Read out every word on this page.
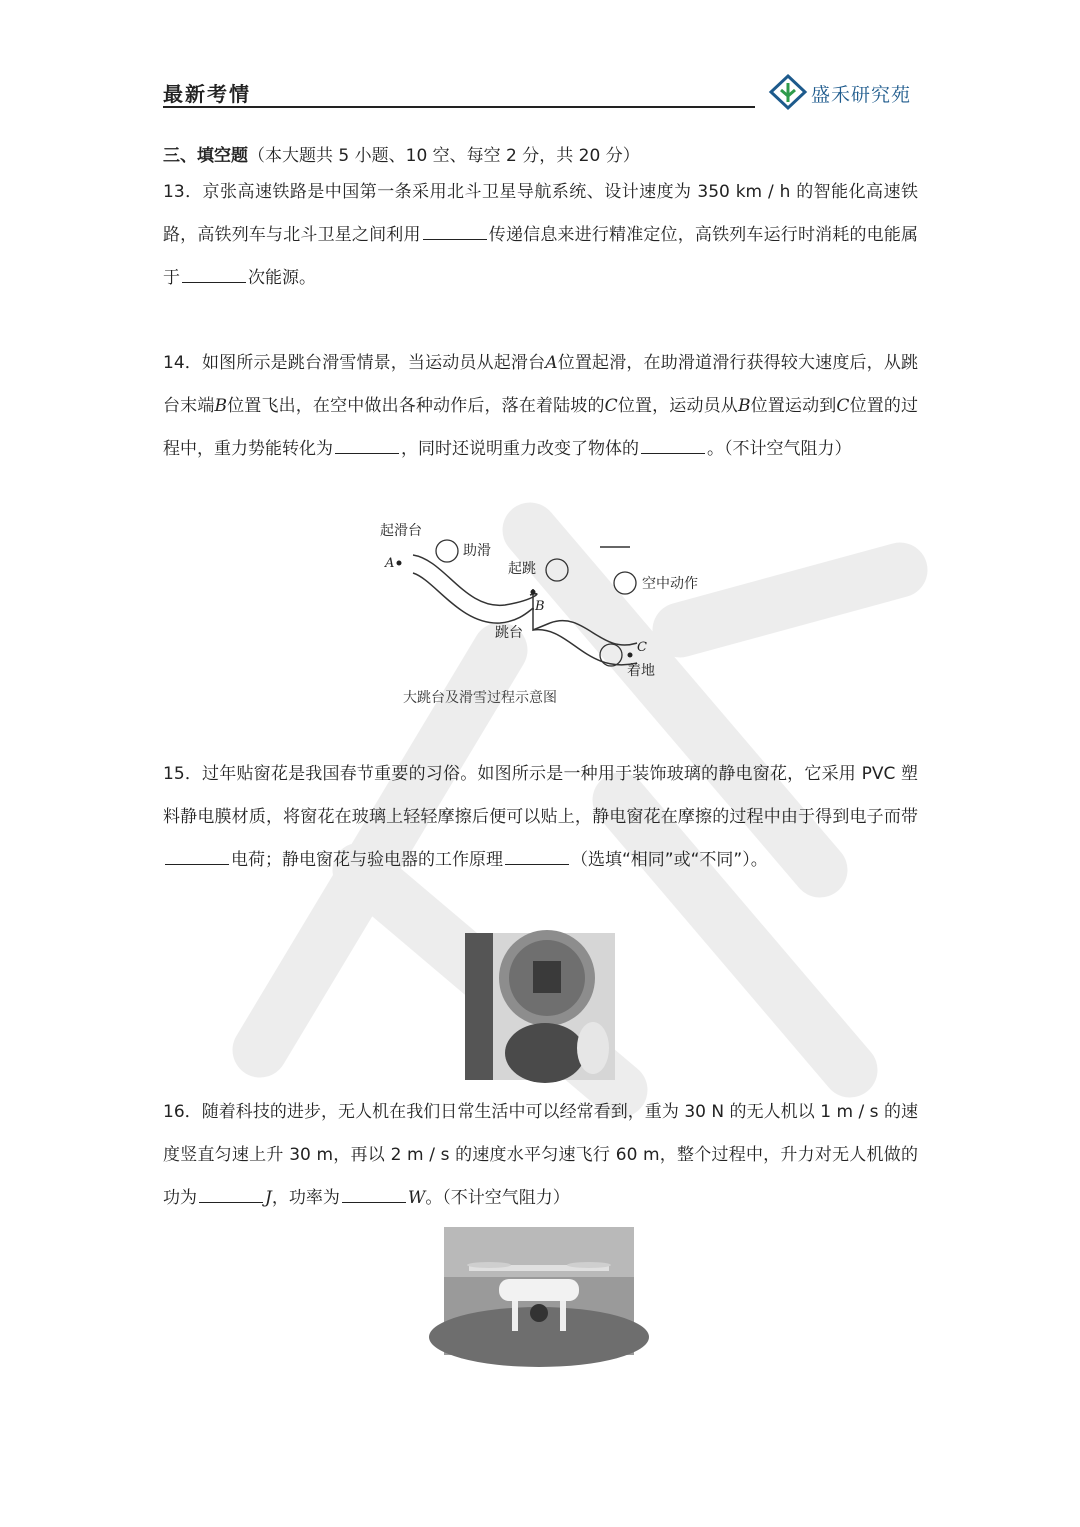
最新考情	盛禾研究苑
三、填空题（本大题共 5 小题、10 空、每空 2 分，共 20 分）
13．京张高速铁路是中国第一条采用北斗卫星导航系统、设计速度为 350 km / h 的智能化高速铁路，高铁列车与北斗卫星之间利用	传递信息来进行精准定位，高铁列车运行时消耗的电能属于	次能源。
14．如图所示是跳台滑雪情景，当运动员从起滑台A位置起滑，在助滑道滑行获得较大速度后，从跳台末端B位置飞出，在空中做出各种动作后，落在着陆坡的C位置，运动员从B位置运动到C位置的过程中，重力势能转化为	，同时还说明重力改变了物体的	。（不计空气阻力）
起滑台
A
助滑
起跳
空中动作
B
跳台
C
着地
大跳台及滑雪过程示意图
15．过年贴窗花是我国春节重要的习俗。如图所示是一种用于装饰玻璃的静电窗花，它采用 PVC 塑料静电膜材质，将窗花在玻璃上轻轻摩擦后便可以贴上，静电窗花在摩擦的过程中由于得到电子而带电荷；静电窗花与验电器的工作原理	（选填“相同”或“不同”）。
16．随着科技的进步，无人机在我们日常生活中可以经常看到，重为 30 N 的无人机以 1 m / s 的速度竖直匀速上升 30 m，再以 2 m / s 的速度水平匀速飞行 60 m，整个过程中，升力对无人机做的功为	J，功率为	W。（不计空气阻力）
